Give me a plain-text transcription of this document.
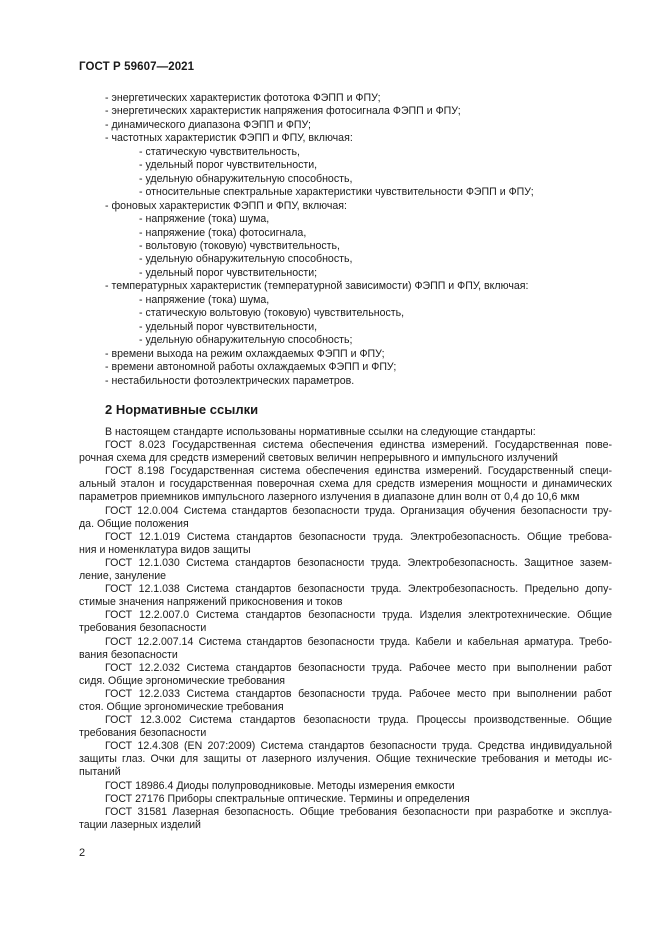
ГОСТ Р 59607—2021
- энергетических характеристик фототока ФЭПП и ФПУ;
- энергетических характеристик напряжения фотосигнала ФЭПП и ФПУ;
- динамического диапазона ФЭПП и ФПУ;
- частотных характеристик ФЭПП и ФПУ, включая:
- статическую чувствительность,
- удельный порог чувствительности,
- удельную обнаружительную способность,
- относительные спектральные характеристики чувствительности ФЭПП и ФПУ;
- фоновых характеристик ФЭПП и ФПУ, включая:
- напряжение (тока) шума,
- напряжение (тока) фотосигнала,
- вольтовую (токовую) чувствительность,
- удельную обнаружительную способность,
- удельный порог чувствительности;
- температурных характеристик (температурной зависимости) ФЭПП и ФПУ, включая:
- напряжение (тока) шума,
- статическую вольтовую (токовую) чувствительность,
- удельный порог чувствительности,
- удельную обнаружительную способность;
- времени выхода на режим охлаждаемых ФЭПП и ФПУ;
- времени автономной работы охлаждаемых ФЭПП и ФПУ;
- нестабильности фотоэлектрических параметров.
2 Нормативные ссылки
В настоящем стандарте использованы нормативные ссылки на следующие стандарты:
ГОСТ 8.023 Государственная система обеспечения единства измерений. Государственная пове-
рочная схема для средств измерений световых величин непрерывного и импульсного излучений
ГОСТ 8.198 Государственная система обеспечения единства измерений. Государственный специ-
альный эталон и государственная поверочная схема для средств измерения мощности и динамических
параметров приемников импульсного лазерного излучения в диапазоне длин волн от 0,4 до 10,6 мкм
ГОСТ 12.0.004 Система стандартов безопасности труда. Организация обучения безопасности тру-
да. Общие положения
ГОСТ 12.1.019 Система стандартов безопасности труда. Электробезопасность. Общие требова-
ния и номенклатура видов защиты
ГОСТ 12.1.030 Система стандартов безопасности труда. Электробезопасность. Защитное зазем-
ление, зануление
ГОСТ 12.1.038 Система стандартов безопасности труда. Электробезопасность. Предельно допу-
стимые значения напряжений прикосновения и токов
ГОСТ 12.2.007.0 Система стандартов безопасности труда. Изделия электротехнические. Общие
требования безопасности
ГОСТ 12.2.007.14 Система стандартов безопасности труда. Кабели и кабельная арматура. Требо-
вания безопасности
ГОСТ 12.2.032 Система стандартов безопасности труда. Рабочее место при выполнении работ
сидя. Общие эргономические требования
ГОСТ 12.2.033 Система стандартов безопасности труда. Рабочее место при выполнении работ
стоя. Общие эргономические требования
ГОСТ 12.3.002 Система стандартов безопасности труда. Процессы производственные. Общие
требования безопасности
ГОСТ 12.4.308 (EN 207:2009) Система стандартов безопасности труда. Средства индивидуальной
защиты глаз. Очки для защиты от лазерного излучения. Общие технические требования и методы ис-
пытаний
ГОСТ 18986.4 Диоды полупроводниковые. Методы измерения емкости
ГОСТ 27176 Приборы спектральные оптические. Термины и определения
ГОСТ 31581 Лазерная безопасность. Общие требования безопасности при разработке и эксплуа-
тации лазерных изделий
2
